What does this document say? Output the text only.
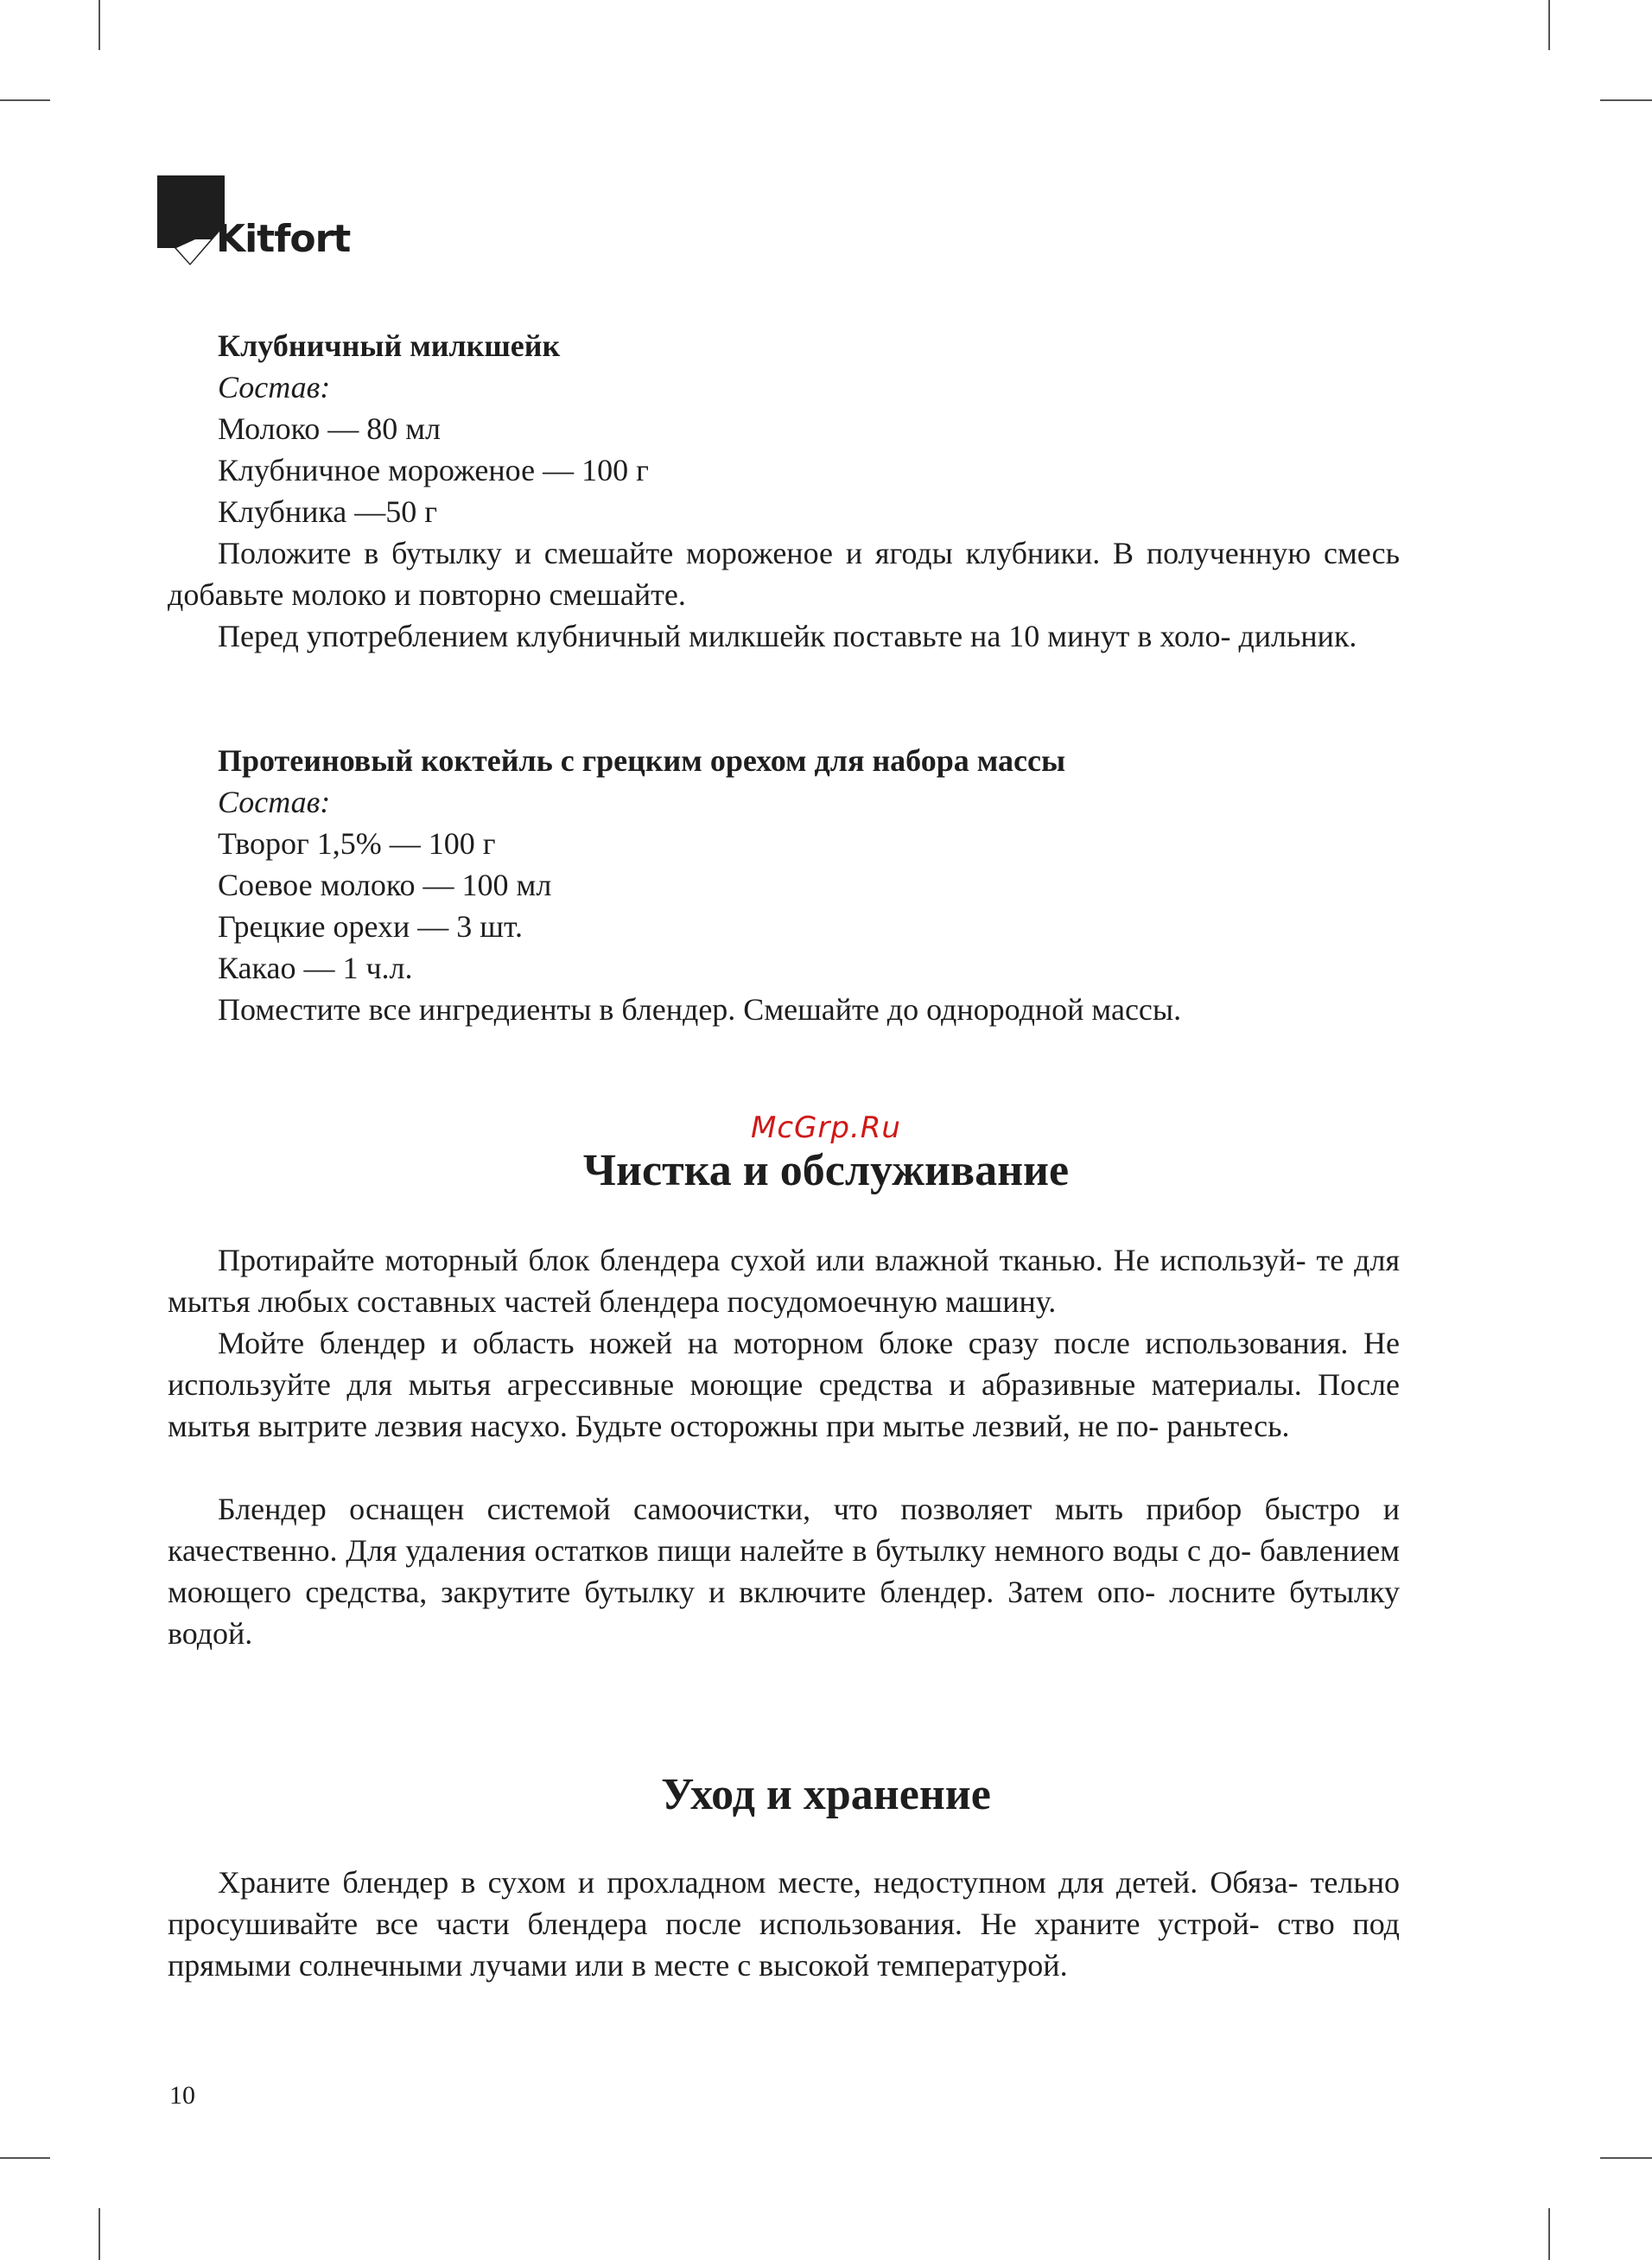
Kitfort
Клубничный милкшейк
Состав:
Молоко — 80 мл
Клубничное мороженое — 100 г
Клубника —50 г
Положите в бутылку и смешайте мороженое и ягоды клубники. В полученную смесь добавьте молоко и повторно смешайте.
Перед употреблением клубничный милкшейк поставьте на 10 минут в холо- дильник.
Протеиновый коктейль с грецким орехом для набора массы
Состав:
Творог 1,5% — 100 г
Соевое молоко — 100 мл
Грецкие орехи — 3 шт.
Какао — 1 ч.л.
Поместите все ингредиенты в блендер. Смешайте до однородной массы.
McGrp.Ru
Чистка и обслуживание
Протирайте моторный блок блендера сухой или влажной тканью. Не используй- те для мытья любых составных частей блендера посудомоечную машину.
Мойте блендер и область ножей на моторном блоке сразу после использования. Не используйте для мытья агрессивные моющие средства и абразивные материалы. После мытья вытрите лезвия насухо. Будьте осторожны при мытье лезвий, не по- раньтесь.
Блендер оснащен системой самоочистки, что позволяет мыть прибор быстро и качественно. Для удаления остатков пищи налейте в бутылку немного воды с до- бавлением моющего средства, закрутите бутылку и включите блендер. Затем опо- лосните бутылку водой.
Уход и хранение
Храните блендер в сухом и прохладном месте, недоступном для детей. Обяза- тельно просушивайте все части блендера после использования. Не храните устрой- ство под прямыми солнечными лучами или в месте с высокой температурой.
10
